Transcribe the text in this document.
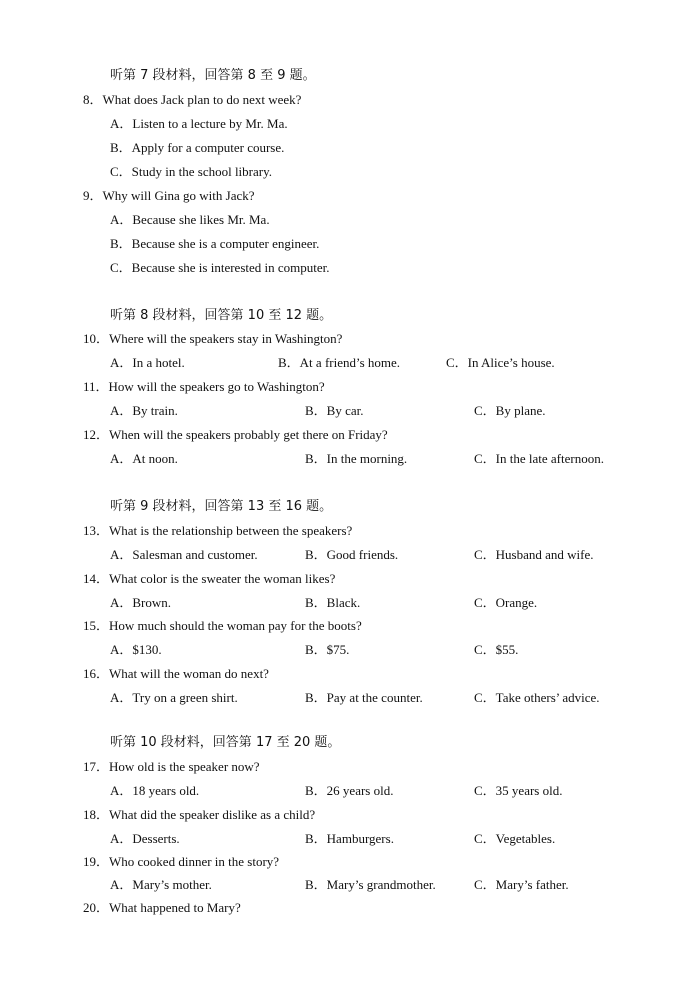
听第 7 段材料，回答第 8 至 9 题。
8．What does Jack plan to do next week?
A．Listen to a lecture by Mr. Ma.
B．Apply for a computer course.
C．Study in the school library.
9．Why will Gina go with Jack?
A．Because she likes Mr. Ma.
B．Because she is a computer engineer.
C．Because she is interested in computer.
听第 8 段材料，回答第 10 至 12 题。
10．Where will the speakers stay in Washington?
A．In a hotel.	B．At a friend’s home.	C．In Alice’s house.
11．How will the speakers go to Washington?
A．By train.	B．By car.	C．By plane.
12．When will the speakers probably get there on Friday?
A．At noon.	B．In the morning.	C．In the late afternoon.
听第 9 段材料，回答第 13 至 16 题。
13．What is the relationship between the speakers?
A．Salesman and customer.	B．Good friends.	C．Husband and wife.
14．What color is the sweater the woman likes?
A．Brown.	B．Black.	C．Orange.
15．How much should the woman pay for the boots?
A．$130.	B．$75.	C．$55.
16．What will the woman do next?
A．Try on a green shirt.	B．Pay at the counter.	C．Take others’ advice.
听第 10 段材料，回答第 17 至 20 题。
17．How old is the speaker now?
A．18 years old.	B．26 years old.	C．35 years old.
18．What did the speaker dislike as a child?
A．Desserts.	B．Hamburgers.	C．Vegetables.
19．Who cooked dinner in the story?
A．Mary’s mother.	B．Mary’s grandmother.	C．Mary’s father.
20．What happened to Mary?
